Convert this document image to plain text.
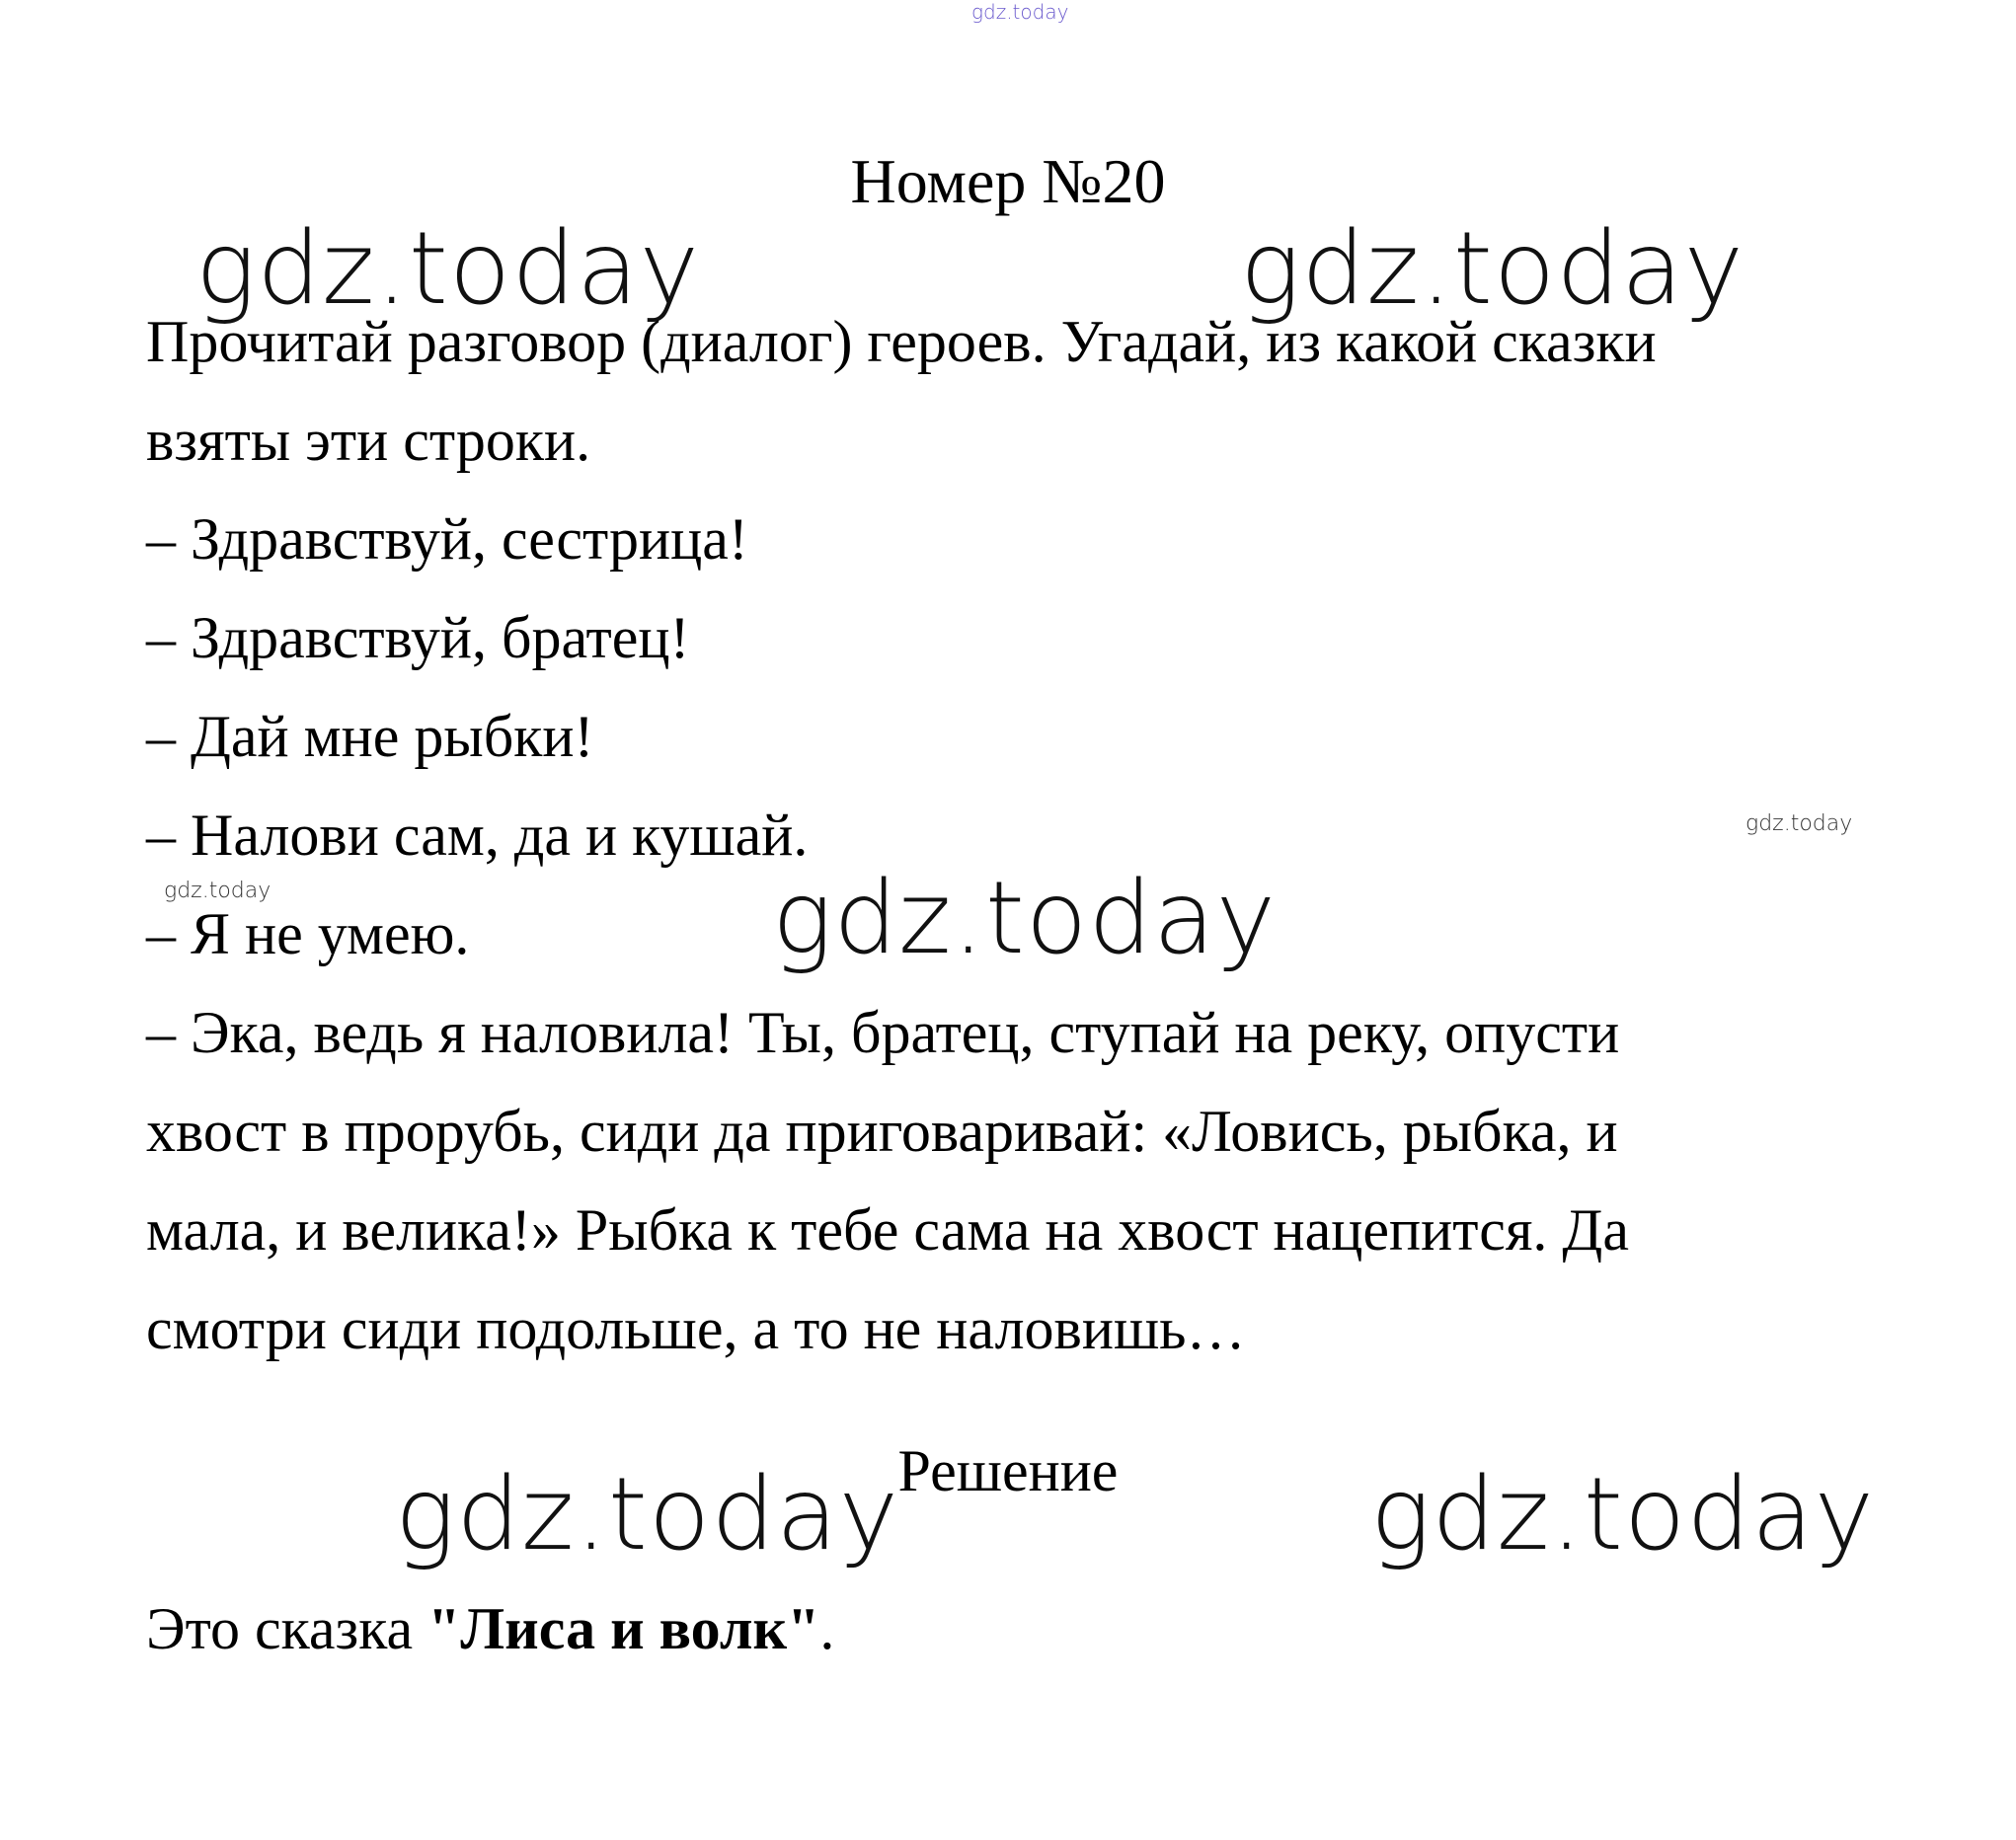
gdz.today
gdz.today	gdz.today
gdz.today
gdz.today	gdz.today
gdz.today
gdz.today
Номер №20

Прочитай разговор (диалог) героев. Угадай, из какой сказки

взяты эти строки.

– Здравствуй, сестрица!

– Здравствуй, братец!

– Дай мне рыбки!

– Налови сам, да и кушай.

– Я не умею.

– Эка, ведь я наловила! Ты, братец, ступай на реку, опусти

хвост в прорубь, сиди да приговаривай: «Ловись, рыбка, и

мала, и велика!» Рыбка к тебе сама на хвост нацепится. Да

смотри сиди подольше, а то не наловишь…

Решение
Это сказка "Лиса и волк".
